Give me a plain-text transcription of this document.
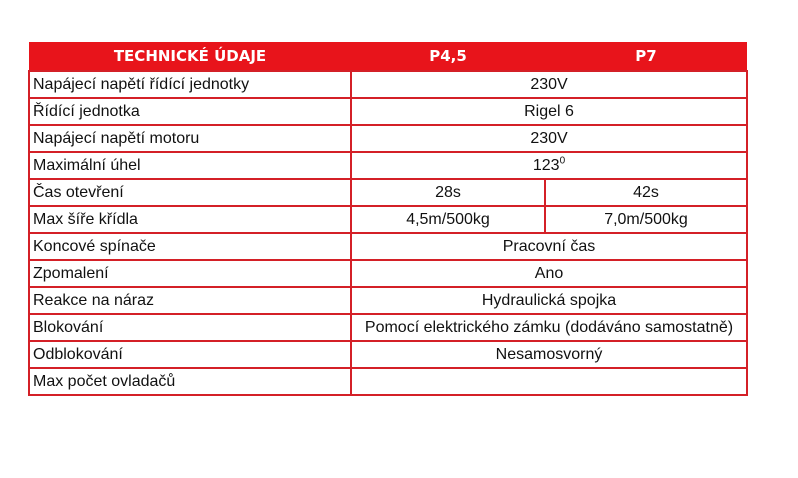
TECHNICKÉ ÚDAJE	P4,5	P7
Napájecí napětí řídící jednotky	230V	
Řídící jednotka	Rigel 6	
Napájecí napětí motoru	230V	
Maximální úhel	$123^0$
Čas otevření	28s	42s
Max šíře křídla	4,5m/500kg	7,0m/500kg
Koncové spínače	Pracovní čas	
Zpomalení	Ano	
Reakce na náraz	Hydraulická spojka	
Blokování	Pomocí elektrického zámku (dodáváno samostatně)	
Odblokování	Nesamosvorný	
Max počet ovladačů		
